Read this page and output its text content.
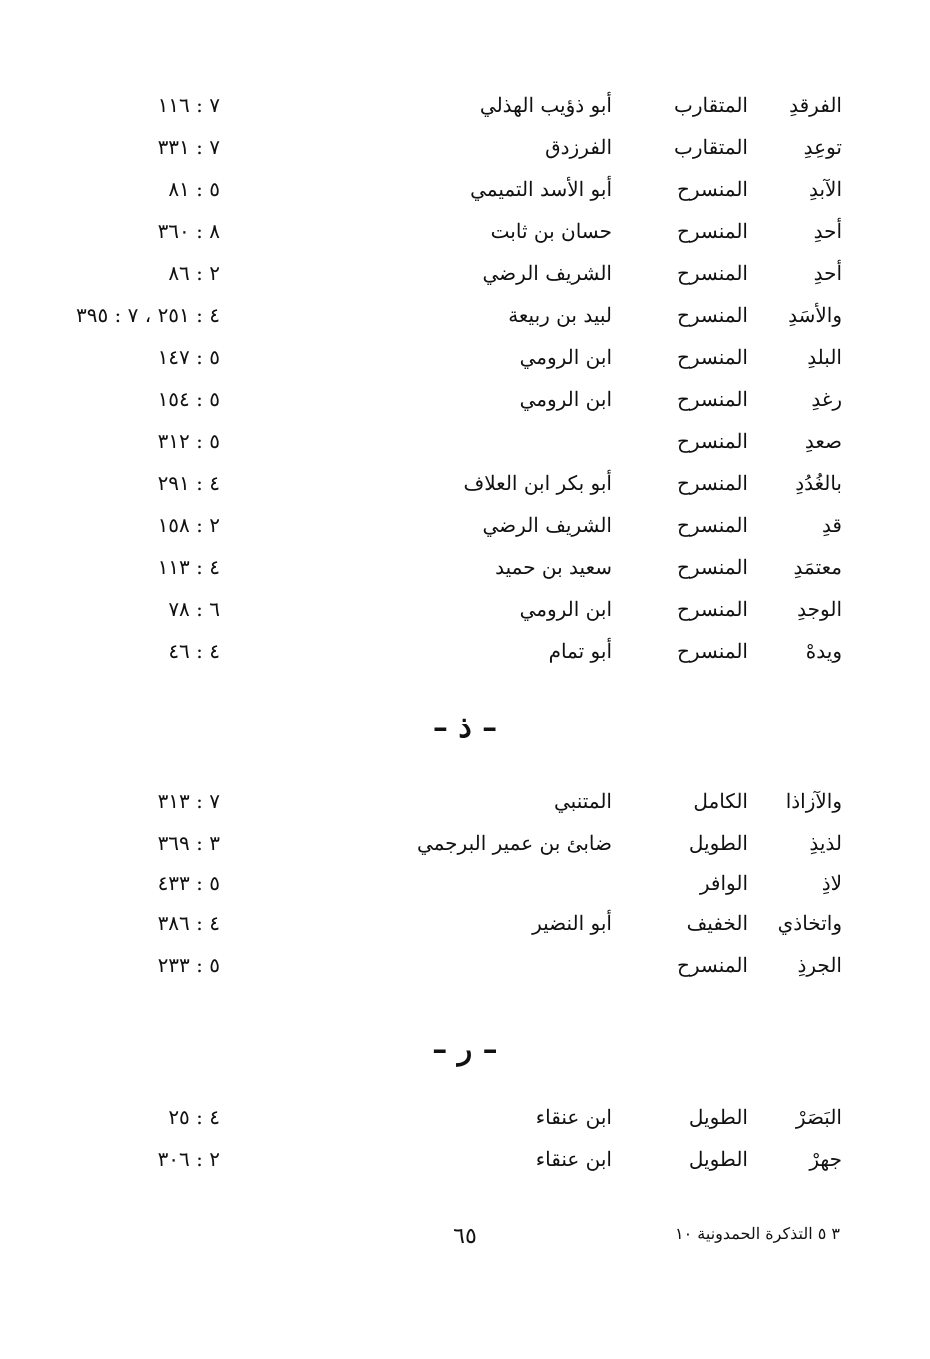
الفرقدِ
المتقارب
أبو ذؤيب الهذلي
٧ : ١١٦
توعِدِ
المتقارب
الفرزدق
٧ : ٣٣١
الآبدِ
المنسرح
أبو الأسد التميمي
٥ : ٨١
أحدِ
المنسرح
حسان بن ثابت
٨ : ٣٦٠
أحدِ
المنسرح
الشريف الرضي
٢ : ٨٦
والأسَدِ
المنسرح
لبيد بن ربيعة
٤ : ٢٥١ ، ٧ : ٣٩٥
البلدِ
المنسرح
ابن الرومي
٥ : ١٤٧
رغدِ
المنسرح
ابن الرومي
٥ : ١٥٤
صعدِ
المنسرح
٥ : ٣١٢
بالغُدُدِ
المنسرح
أبو بكر ابن العلاف
٤ : ٢٩١
قدِ
المنسرح
الشريف الرضي
٢ : ١٥٨
معتمَدِ
المنسرح
سعيد بن حميد
٤ : ١١٣
الوجدِ
المنسرح
ابن الرومي
٦ : ٧٨
ويدهْ
المنسرح
أبو تمام
٤ : ٤٦
– ذ –
والآزاذا
الكامل
المتنبي
٧ : ٣١٣
لذيذِ
الطويل
ضابئ بن عمير البرجمي
٣ : ٣٦٩
لاذِ
الوافر
٥ : ٤٣٣
واتخاذي
الخفيف
أبو النضير
٤ : ٣٨٦
الجرذِ
المنسرح
٥ : ٢٣٣
– ر –
البَصَرْ
الطويل
ابن عنقاء
٤ : ٢٥
جهرْ
الطويل
ابن عنقاء
٢ : ٣٠٦
٣ ٥ التذكرة الحمدونية ١٠
٦٥
